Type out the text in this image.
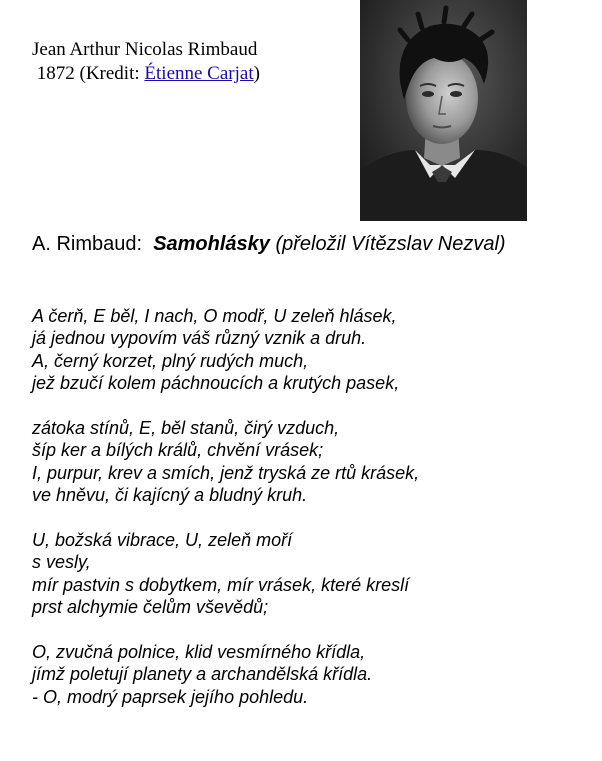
Jean Arthur Nicolas Rimbaud
1872 (Kredit: Étienne Carjat)
A. Rimbaud: Samohlásky (přeložil Vítězslav Nezval)
A čerň, E běl, I nach, O modř, U zeleň hlásek,
já jednou vypovím váš různý vznik a druh.
A, černý korzet, plný rudých much,
jež bzučí kolem páchnoucích a krutých pasek,
zátoka stínů, E, běl stanů, čirý vzduch,
šíp ker a bílých králů, chvění vrásek;
I, purpur, krev a smích, jenž tryská ze rtů krásek,
ve hněvu, či kajícný a bludný kruh.
U, božská vibrace, U, zeleň moří
s vesly,
mír pastvin s dobytkem, mír vrásek, které kreslí
prst alchymie čelům vševědů;
O, zvučná polnice, klid vesmírného křídla,
jímž poletují planety a archandělská křídla.
- O, modrý paprsek jejího pohledu.
